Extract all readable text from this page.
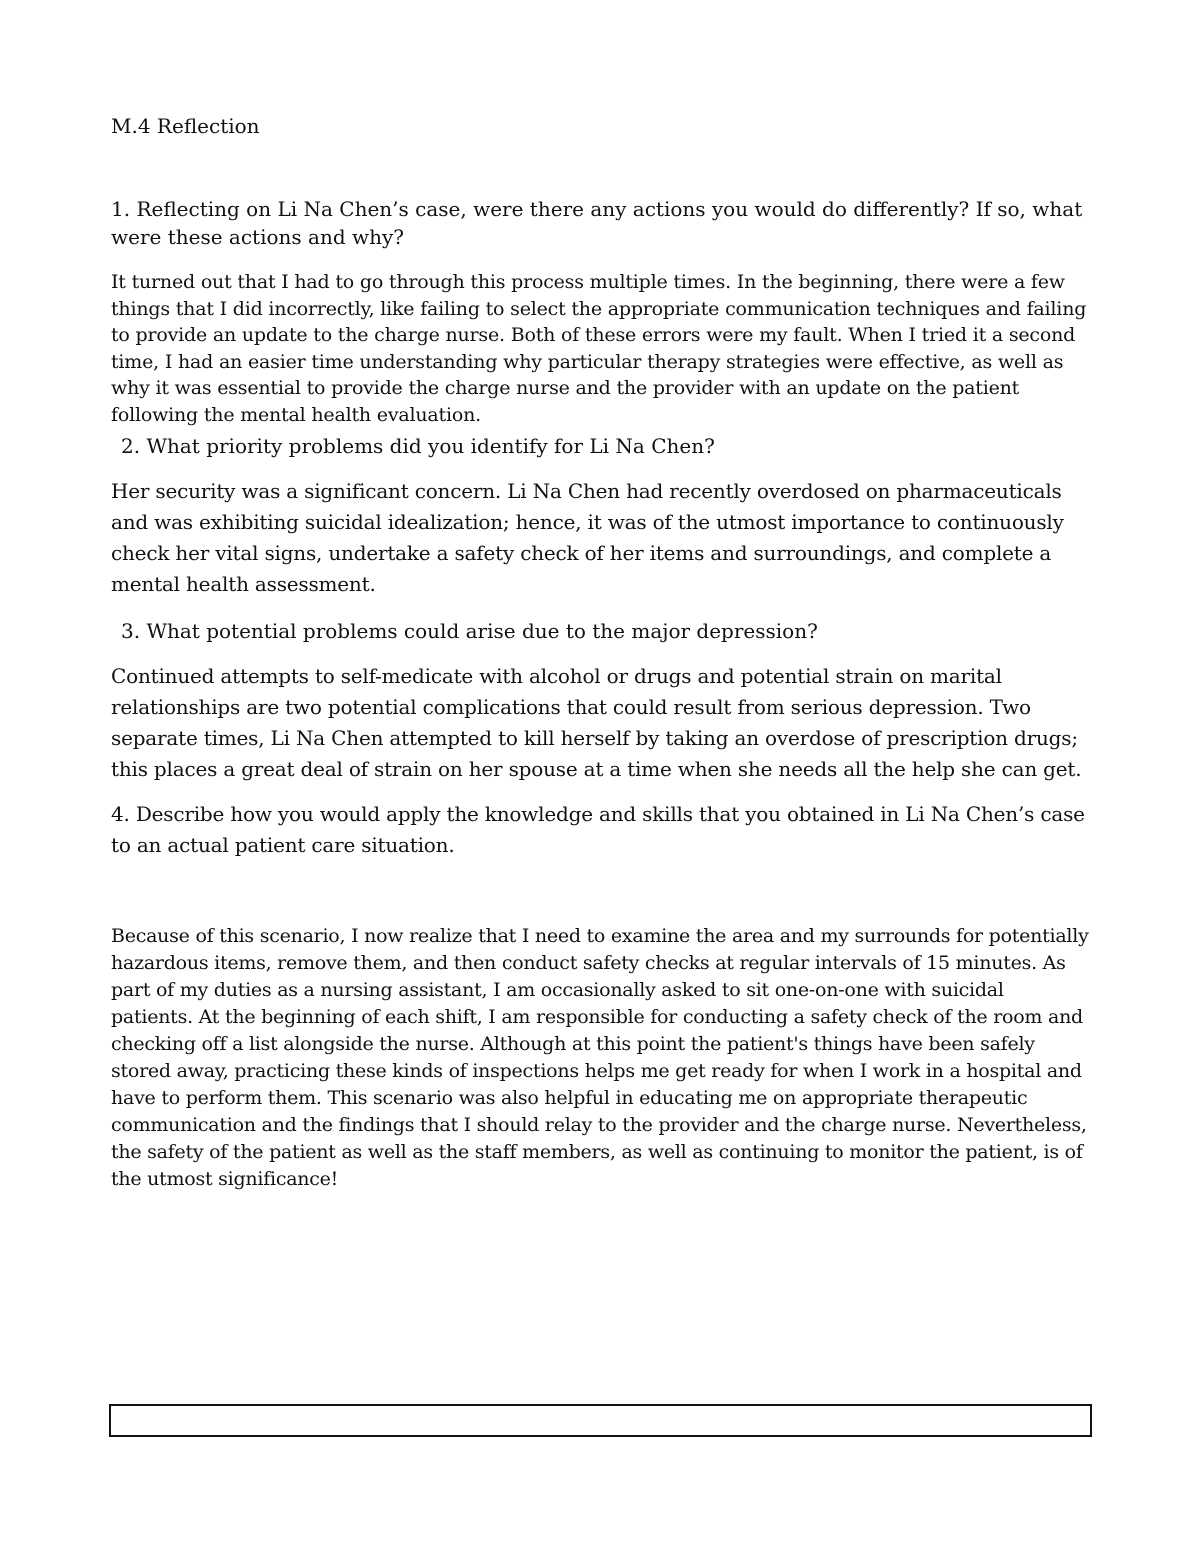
M.4 Reflection

1. Reflecting on Li Na Chen’s case, were there any actions you would do differently? If so, what were these actions and why?

It turned out that I had to go through this process multiple times. In the beginning, there were a few things that I did incorrectly, like failing to select the appropriate communication techniques and failing to provide an update to the charge nurse. Both of these errors were my fault. When I tried it a second time, I had an easier time understanding why particular therapy strategies were effective, as well as why it was essential to provide the charge nurse and the provider with an update on the patient following the mental health evaluation.

2. What priority problems did you identify for Li Na Chen?

Her security was a significant concern. Li Na Chen had recently overdosed on pharmaceuticals and was exhibiting suicidal idealization; hence, it was of the utmost importance to continuously check her vital signs, undertake a safety check of her items and surroundings, and complete a mental health assessment.

3. What potential problems could arise due to the major depression?

Continued attempts to self-medicate with alcohol or drugs and potential strain on marital relationships are two potential complications that could result from serious depression. Two separate times, Li Na Chen attempted to kill herself by taking an overdose of prescription drugs; this places a great deal of strain on her spouse at a time when she needs all the help she can get.

4. Describe how you would apply the knowledge and skills that you obtained in Li Na Chen’s case to an actual patient care situation.

Because of this scenario, I now realize that I need to examine the area and my surrounds for potentially hazardous items, remove them, and then conduct safety checks at regular intervals of 15 minutes. As part of my duties as a nursing assistant, I am occasionally asked to sit one-on-one with suicidal patients. At the beginning of each shift, I am responsible for conducting a safety check of the room and checking off a list alongside the nurse. Although at this point the patient's things have been safely stored away, practicing these kinds of inspections helps me get ready for when I work in a hospital and have to perform them. This scenario was also helpful in educating me on appropriate therapeutic communication and the findings that I should relay to the provider and the charge nurse. Nevertheless, the safety of the patient as well as the staff members, as well as continuing to monitor the patient, is of the utmost significance!
